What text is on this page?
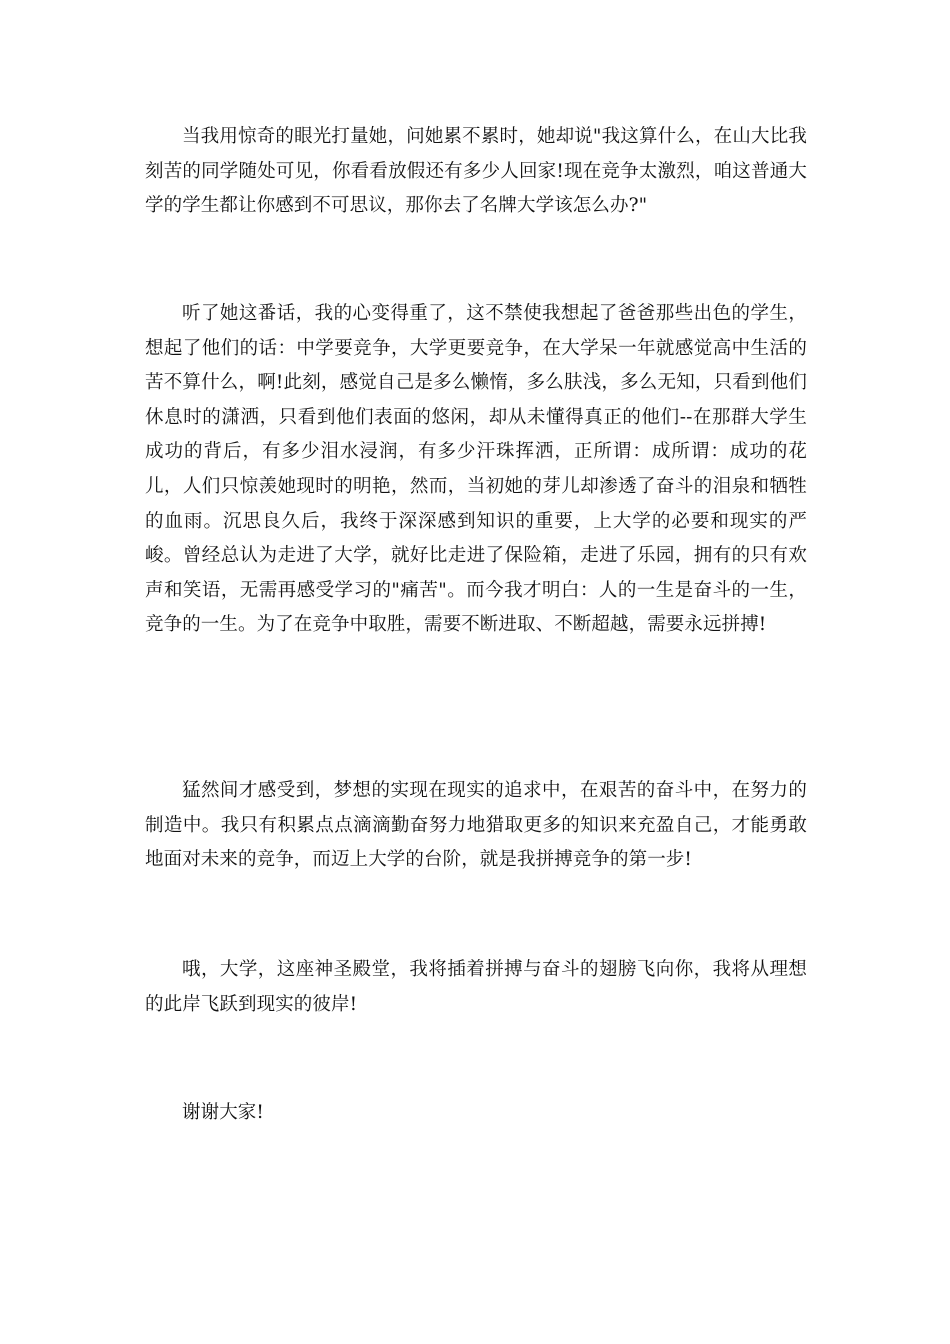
当我用惊奇的眼光打量她，问她累不累时，她却说"我这算什么，在山大比我刻苦的同学随处可见，你看看放假还有多少人回家!现在竞争太激烈，咱这普通大学的学生都让你感到不可思议，那你去了名牌大学该怎么办?"

听了她这番话，我的心变得重了，这不禁使我想起了爸爸那些出色的学生，想起了他们的话：中学要竞争，大学更要竞争，在大学呆一年就感觉高中生活的苦不算什么，啊!此刻，感觉自己是多么懒惰，多么肤浅，多么无知，只看到他们休息时的潇洒，只看到他们表面的悠闲，却从未懂得真正的他们--在那群大学生成功的背后，有多少泪水浸润，有多少汗珠挥洒，正所谓：成所谓：成功的花儿，人们只惊羡她现时的明艳，然而，当初她的芽儿却渗透了奋斗的泪泉和牺牲的血雨。沉思良久后，我终于深深感到知识的重要，上大学的必要和现实的严峻。曾经总认为走进了大学，就好比走进了保险箱，走进了乐园，拥有的只有欢声和笑语，无需再感受学习的"痛苦"。而今我才明白：人的一生是奋斗的一生，竞争的一生。为了在竞争中取胜，需要不断进取、不断超越，需要永远拼搏!

猛然间才感受到，梦想的实现在现实的追求中，在艰苦的奋斗中，在努力的制造中。我只有积累点点滴滴勤奋努力地猎取更多的知识来充盈自己，才能勇敢地面对未来的竞争，而迈上大学的台阶，就是我拼搏竞争的第一步!

哦，大学，这座神圣殿堂，我将插着拼搏与奋斗的翅膀飞向你，我将从理想的此岸飞跃到现实的彼岸!

谢谢大家!
